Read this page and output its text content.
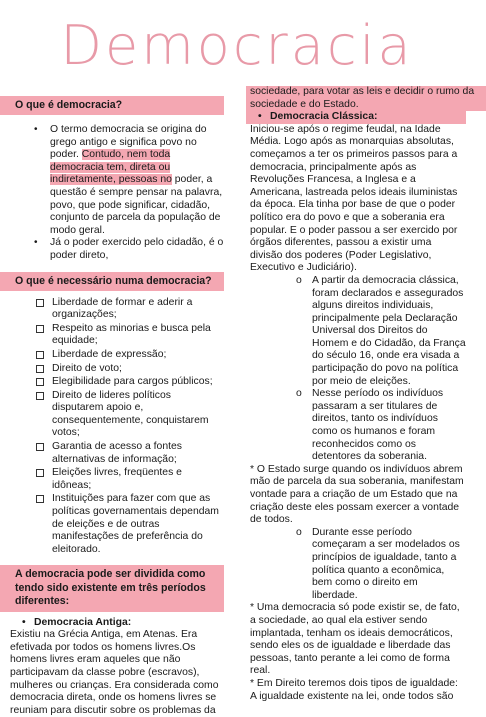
Democracia
O que é democracia?
•	O termo democracia se origina do grego antigo e significa povo no poder. Contudo, nem toda democracia tem, direta ou indiretamente, pessoas no poder, a questão é sempre pensar na palavra, povo, que pode significar, cidadão, conjunto de parcela da população de modo geral.
•	Já o poder exercido pelo cidadão, é o poder direto,
O que é necessário numa democracia?
Liberdade de formar e aderir a organizações;
Respeito as minorias e busca pela equidade;
Liberdade de expressão;
Direito de voto;
Elegibilidade para cargos públicos;
Direito de lideres políticos disputarem apoio e, consequentemente, conquistarem votos;
Garantia de acesso a fontes alternativas de informação;
Eleições livres, freqüentes e idôneas;
Instituições para fazer com que as políticas governamentais dependam de eleições e de outras manifestações de preferência do eleitorado.
A democracia pode ser dividida como tendo sido existente em três períodos diferentes:
• Democracia Antiga:
Existiu na Grécia Antiga, em Atenas. Era efetivada por todos os homens livres.Os homens livres eram aqueles que não participavam da classe pobre (escravos), mulheres ou crianças. Era considerada como democracia direta, onde os homens livres se reuniam para discutir sobre os problemas da
sociedade, para votar as leis e decidir o rumo da sociedade e do Estado.
• Democracia Clássica:
Iniciou-se após o regime feudal, na Idade Média. Logo após as monarquias absolutas, começamos a ter os primeiros passos para a democracia, principalmente após as Revoluções Francesa, a Inglesa e a Americana, lastreada pelos ideais iluministas da época. Ela tinha por base de que o poder político era do povo e que a soberania era popular. E o poder passou a ser exercido por órgãos diferentes, passou a existir uma divisão dos poderes (Poder Legislativo, Executivo e Judiciário).
o A partir da democracia clássica, foram declarados e assegurados alguns direitos individuais, principalmente pela Declaração Universal dos Direitos do Homem e do Cidadão, da França do século 16, onde era visada a participação do povo na política por meio de eleições.
o Nesse período os indivíduos passaram a ser titulares de direitos, tanto os indivíduos como os humanos e foram reconhecidos como os detentores da soberania.
* O Estado surge quando os indivíduos abrem mão de parcela da sua soberania, manifestam vontade para a criação de um Estado que na criação deste eles possam exercer a vontade de todos.
o Durante esse período começaram a ser modelados os princípios de igualdade, tanto a política quanto a econômica, bem como o direito em liberdade.
* Uma democracia só pode existir se, de fato, a sociedade, ao qual ela estiver sendo implantada, tenham os ideais democráticos, sendo eles os de igualdade e liberdade das pessoas, tanto perante a lei como de forma real.
* Em Direito teremos dois tipos de igualdade: A igualdade existente na lei, onde todos são
